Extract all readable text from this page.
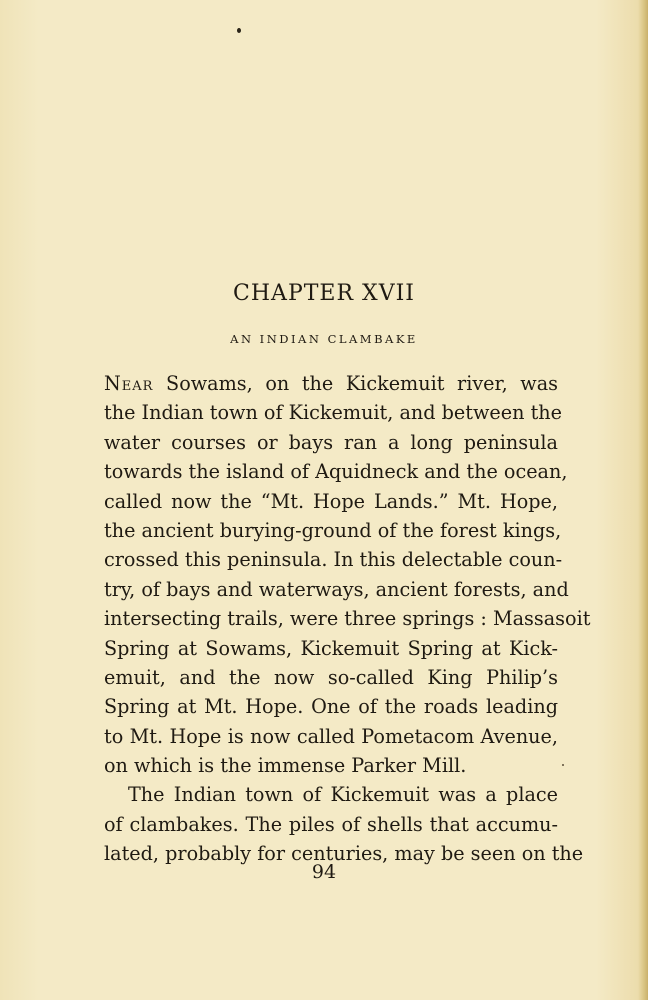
CHAPTER XVII
AN INDIAN CLAMBAKE
Near Sowams, on the Kickemuit river, was
the Indian town of Kickemuit, and between the
water courses or bays ran a long peninsula
towards the island of Aquidneck and the ocean,
called now the “Mt. Hope Lands.” Mt. Hope,
the ancient burying-ground of the forest kings,
crossed this peninsula. In this delectable coun-
try, of bays and waterways, ancient forests, and
intersecting trails, were three springs : Massasoit
Spring at Sowams, Kickemuit Spring at Kick-
emuit, and the now so-called King Philip’s
Spring at Mt. Hope. One of the roads leading
to Mt. Hope is now called Pometacom Avenue,
on which is the immense Parker Mill.
The Indian town of Kickemuit was a place
of clambakes. The piles of shells that accumu-
lated, probably for centuries, may be seen on the
94
